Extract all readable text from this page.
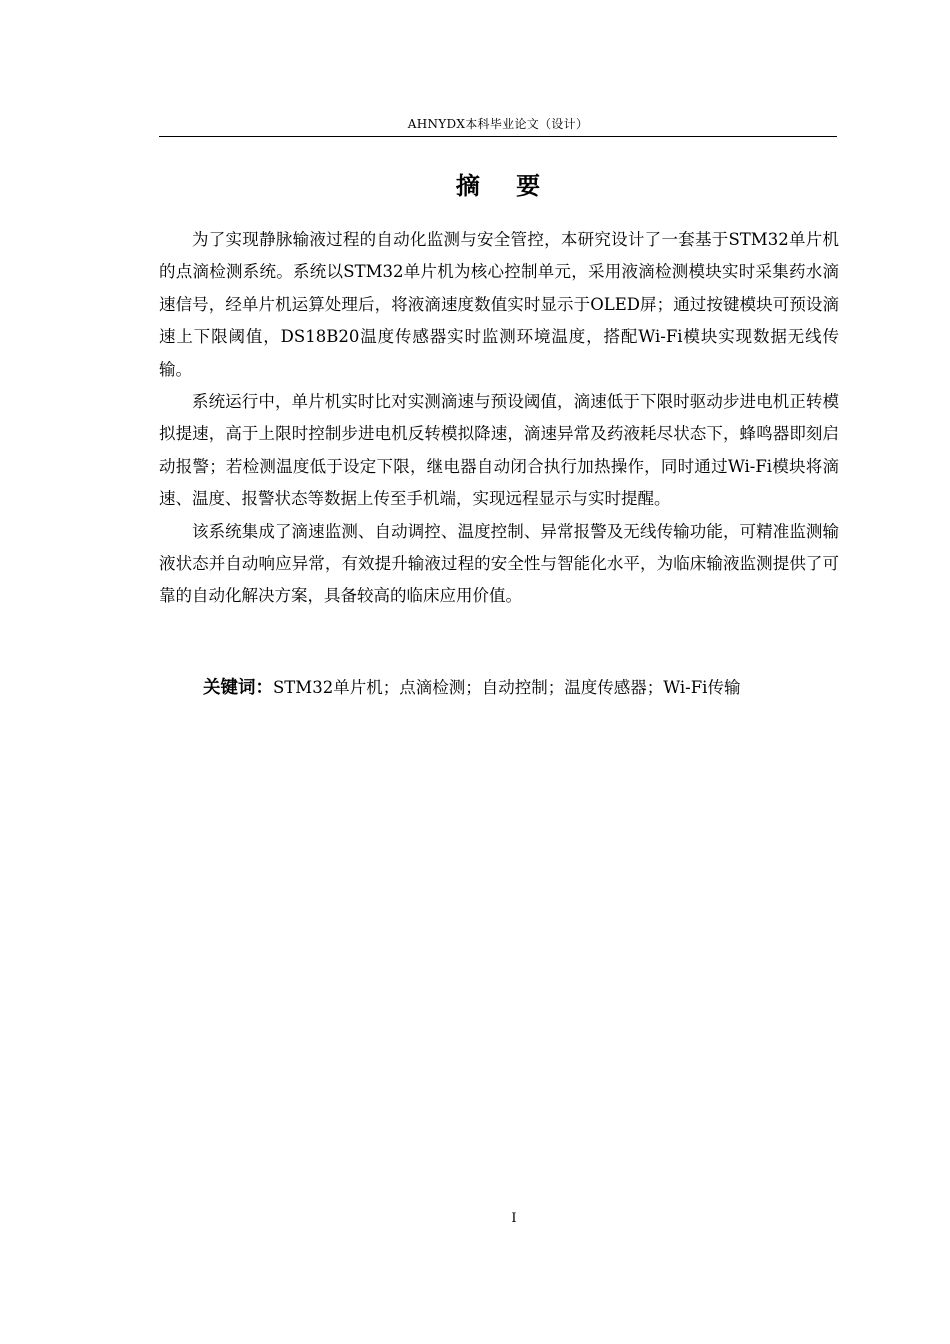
AHNYDX本科毕业论文（设计）
摘 要

为了实现静脉输液过程的自动化监测与安全管控，本研究设计了一套基于STM32单片机的点滴检测系统。系统以STM32单片机为核心控制单元，采用液滴检测模块实时采集药水滴速信号，经单片机运算处理后，将液滴速度数值实时显示于OLED屏；通过按键模块可预设滴速上下限阈值，DS18B20温度传感器实时监测环境温度，搭配Wi-Fi模块实现数据无线传输。

系统运行中，单片机实时比对实测滴速与预设阈值，滴速低于下限时驱动步进电机正转模拟提速，高于上限时控制步进电机反转模拟降速，滴速异常及药液耗尽状态下，蜂鸣器即刻启动报警；若检测温度低于设定下限，继电器自动闭合执行加热操作，同时通过Wi-Fi模块将滴速、温度、报警状态等数据上传至手机端，实现远程显示与实时提醒。

该系统集成了滴速监测、自动调控、温度控制、异常报警及无线传输功能，可精准监测输液状态并自动响应异常，有效提升输液过程的安全性与智能化水平，为临床输液监测提供了可靠的自动化解决方案，具备较高的临床应用价值。

关键词：STM32单片机；点滴检测；自动控制；温度传感器；Wi-Fi传输
I
